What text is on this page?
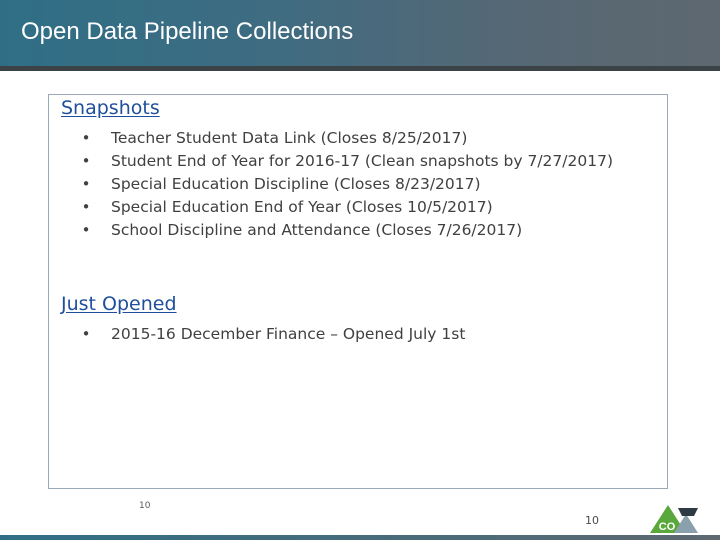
Open Data Pipeline Collections
Snapshots
• Teacher Student Data Link (Closes 8/25/2017)
• Student End of Year for 2016-17 (Clean snapshots by 7/27/2017)
• Special Education Discipline (Closes 8/23/2017)
• Special Education End of Year (Closes 10/5/2017)
• School Discipline and Attendance (Closes 7/26/2017)
Just Opened
• 2015-16 December Finance – Opened July 1st
10
10	CO
